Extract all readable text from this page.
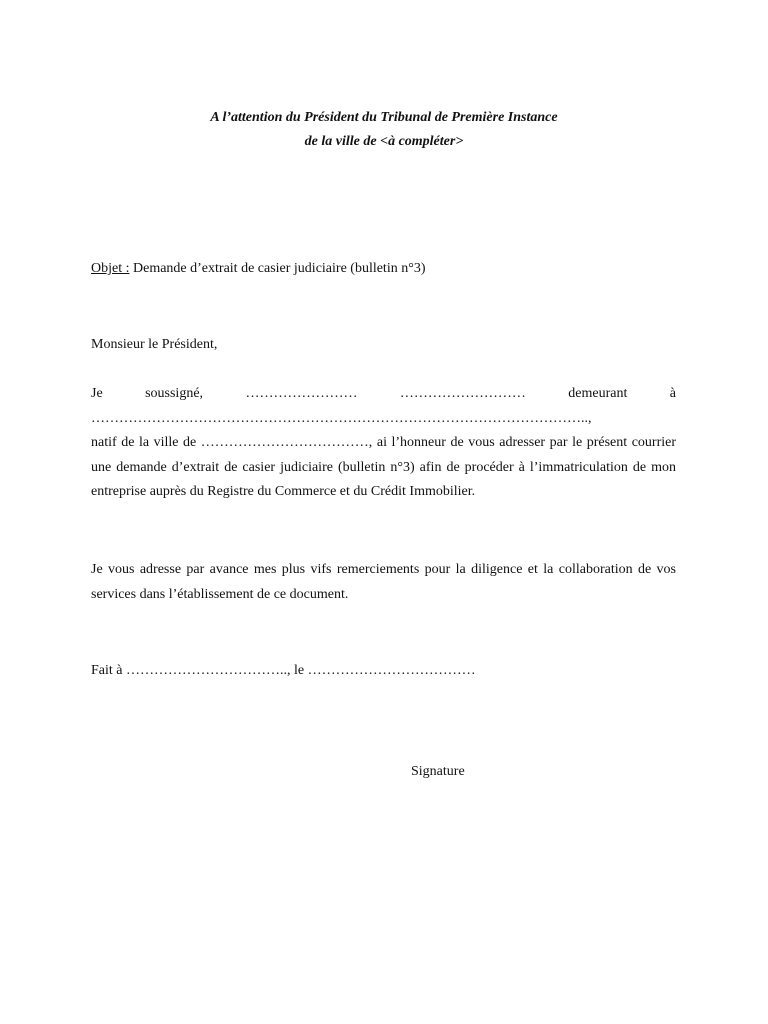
A l’attention du Président du Tribunal de Première Instance
de la ville de <à compléter>
Objet : Demande d’extrait de casier judiciaire (bulletin n°3)
Monsieur le Président,
Je	soussigné,	……………………	………………………	demeurant	à
……………………………………………………………………………………………..,
natif de la ville de ………………………………, ai l’honneur de vous adresser par le présent courrier une demande d’extrait de casier judiciaire (bulletin n°3) afin de procéder à l’immatriculation de mon entreprise auprès du Registre du Commerce et du Crédit Immobilier.
Je vous adresse par avance mes plus vifs remerciements pour la diligence et la collaboration de vos services dans l’établissement de ce document.
Fait à …………………………….., le ………………………………
Signature
